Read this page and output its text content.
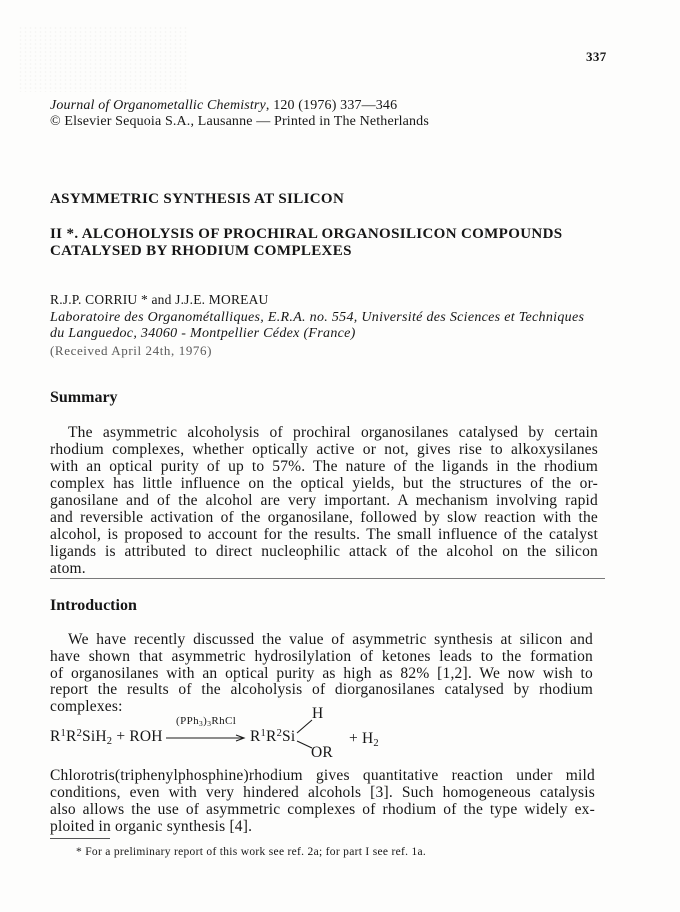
337
Journal of Organometallic Chemistry, 120 (1976) 337—346
© Elsevier Sequoia S.A., Lausanne — Printed in The Netherlands
ASYMMETRIC SYNTHESIS AT SILICON
II *. ALCOHOLYSIS OF PROCHIRAL ORGANOSILICON COMPOUNDS
CATALYSED BY RHODIUM COMPLEXES
R.J.P. CORRIU * and J.J.E. MOREAU
Laboratoire des Organométalliques, E.R.A. no. 554, Université des Sciences et Techniques
du Languedoc, 34060 - Montpellier Cédex (France)
(Received April 24th, 1976)
Summary
The asymmetric alcoholysis of prochiral organosilanes catalysed by certain
rhodium complexes, whether optically active or not, gives rise to alkoxysilanes
with an optical purity of up to 57%. The nature of the ligands in the rhodium
complex has little influence on the optical yields, but the structures of the or-
ganosilane and of the alcohol are very important. A mechanism involving rapid
and reversible activation of the organosilane, followed by slow reaction with the
alcohol, is proposed to account for the results. The small influence of the catalyst
ligands is attributed to direct nucleophilic attack of the alcohol on the silicon
atom.
Introduction
We have recently discussed the value of asymmetric synthesis at silicon and
have shown that asymmetric hydrosilylation of ketones leads to the formation
of organosilanes with an optical purity as high as 82% [1,2]. We now wish to
report the results of the alcoholysis of diorganosilanes catalysed by rhodium
complexes:
$R^1R^2SiH_2$ + ROH
$(PPh_3)_3RhCl$
$R^1R^2Si$
H
OR
+ $H_2$
Chlorotris(triphenylphosphine)rhodium gives quantitative reaction under mild
conditions, even with very hindered alcohols [3]. Such homogeneous catalysis
also allows the use of asymmetric complexes of rhodium of the type widely ex-
ploited in organic synthesis [4].
* For a preliminary report of this work see ref. 2a; for part I see ref. 1a.
